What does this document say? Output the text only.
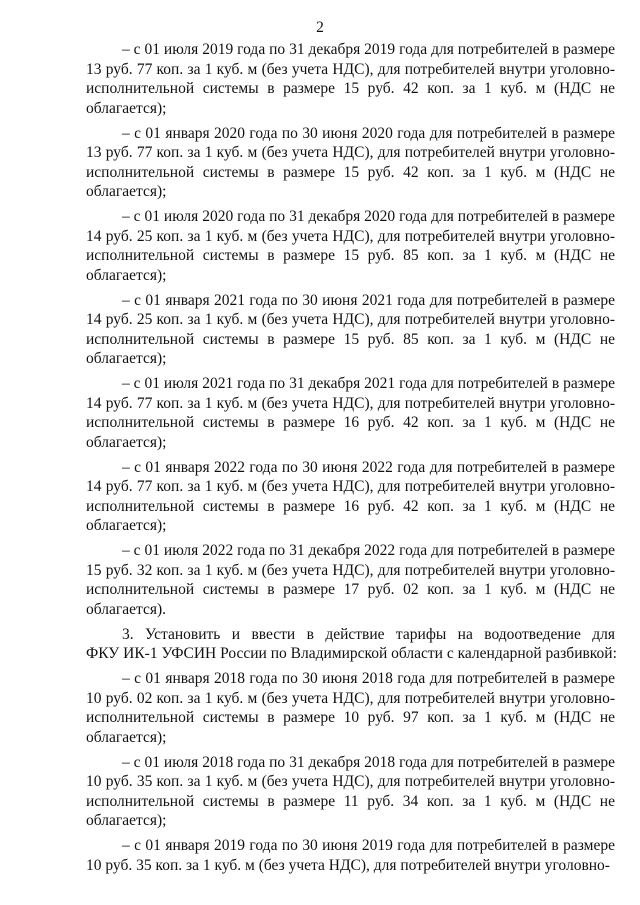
2
– с 01 июля 2019 года по 31 декабря 2019 года для потребителей в размере
13 руб. 77 коп. за 1 куб. м (без учета НДС), для потребителей внутри уголовно-
исполнительной системы в размере 15 руб. 42 коп. за 1 куб. м (НДС не
облагается);
– с 01 января 2020 года по 30 июня 2020 года для потребителей в размере
13 руб. 77 коп. за 1 куб. м (без учета НДС), для потребителей внутри уголовно-
исполнительной системы в размере 15 руб. 42 коп. за 1 куб. м (НДС не
облагается);
– с 01 июля 2020 года по 31 декабря 2020 года для потребителей в размере
14 руб. 25 коп. за 1 куб. м (без учета НДС), для потребителей внутри уголовно-
исполнительной системы в размере 15 руб. 85 коп. за 1 куб. м (НДС не
облагается);
– с 01 января 2021 года по 30 июня 2021 года для потребителей в размере
14 руб. 25 коп. за 1 куб. м (без учета НДС), для потребителей внутри уголовно-
исполнительной системы в размере 15 руб. 85 коп. за 1 куб. м (НДС не
облагается);
– с 01 июля 2021 года по 31 декабря 2021 года для потребителей в размере
14 руб. 77 коп. за 1 куб. м (без учета НДС), для потребителей внутри уголовно-
исполнительной системы в размере 16 руб. 42 коп. за 1 куб. м (НДС не
облагается);
– с 01 января 2022 года по 30 июня 2022 года для потребителей в размере
14 руб. 77 коп. за 1 куб. м (без учета НДС), для потребителей внутри уголовно-
исполнительной системы в размере 16 руб. 42 коп. за 1 куб. м (НДС не
облагается);
– с 01 июля 2022 года по 31 декабря 2022 года для потребителей в размере
15 руб. 32 коп. за 1 куб. м (без учета НДС), для потребителей внутри уголовно-
исполнительной системы в размере 17 руб. 02 коп. за 1 куб. м (НДС не
облагается).
3. Установить и ввести в действие тарифы на водоотведение для
ФКУ ИК-1 УФСИН России по Владимирской области с календарной разбивкой:
– с 01 января 2018 года по 30 июня 2018 года для потребителей в размере
10 руб. 02 коп. за 1 куб. м (без учета НДС), для потребителей внутри уголовно-
исполнительной системы в размере 10 руб. 97 коп. за 1 куб. м (НДС не
облагается);
– с 01 июля 2018 года по 31 декабря 2018 года для потребителей в размере
10 руб. 35 коп. за 1 куб. м (без учета НДС), для потребителей внутри уголовно-
исполнительной системы в размере 11 руб. 34 коп. за 1 куб. м (НДС не
облагается);
– с 01 января 2019 года по 30 июня 2019 года для потребителей в размере
10 руб. 35 коп. за 1 куб. м (без учета НДС), для потребителей внутри уголовно-
